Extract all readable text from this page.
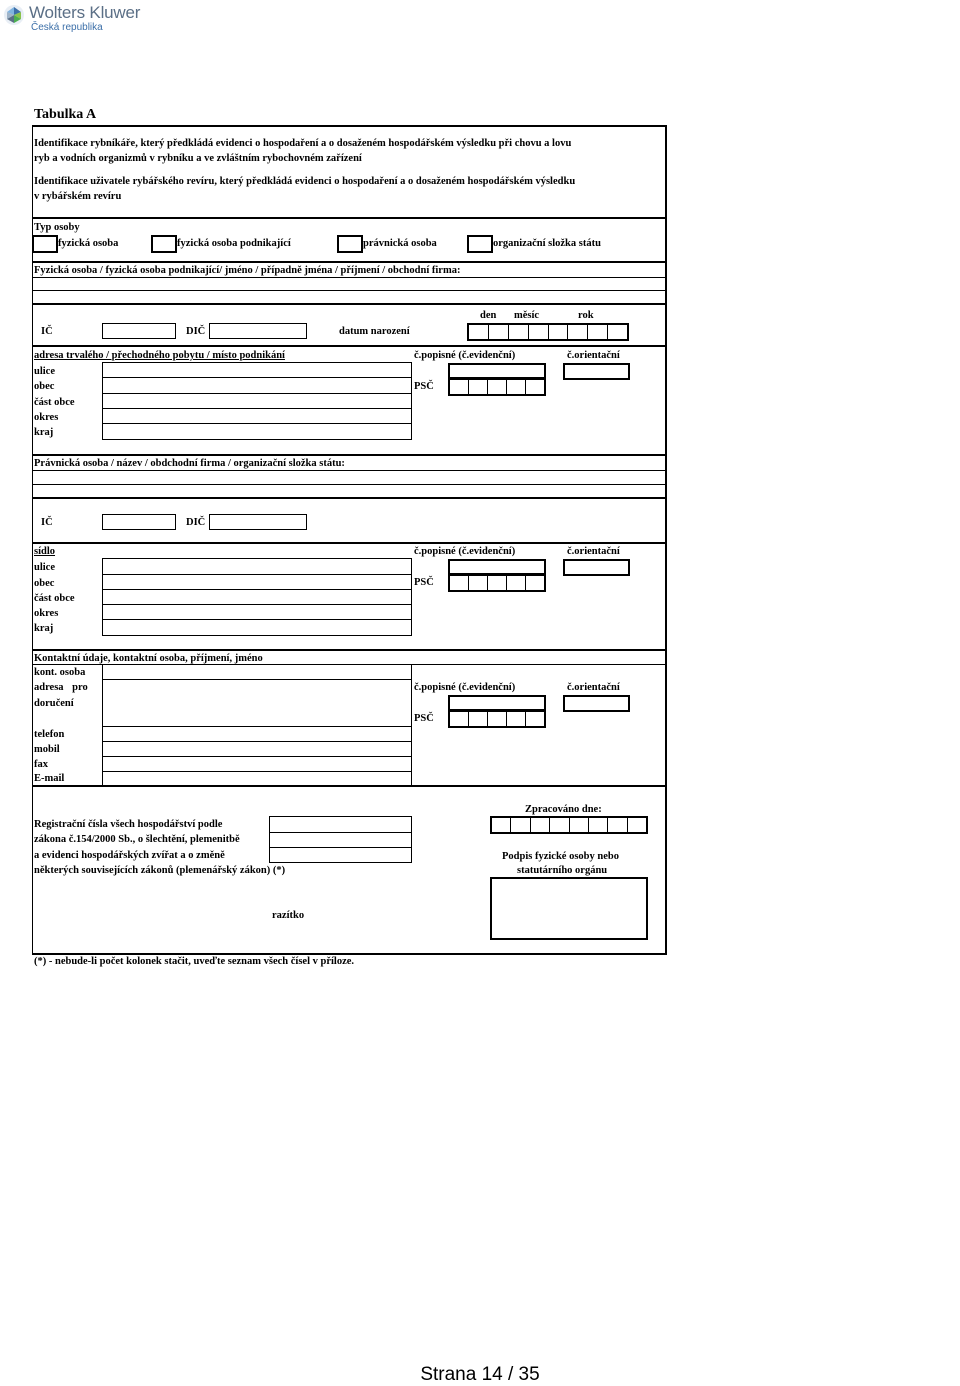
Wolters Kluwer
Česká republika
Tabulka A
Identifikace rybníkáře, který předkládá evidenci o hospodaření a o dosaženém hospodářském výsledku při chovu a lovu
ryb a vodních organizmů v rybníku a ve zvláštním rybochovném zařízení
Identifikace uživatele rybářského revíru, který předkládá evidenci o hospodaření a o dosaženém hospodářském výsledku
v rybářském revíru
Typ osoby
fyzická osoba	fyzická osoba podnikající	právnická osoba	organizační složka státu
Fyzická osoba / fyzická osoba podnikající/ jméno / případně jména / příjmení / obchodní firma:
den měsíc	rok
IČ	DIČ	datum narození
adresa trvalého / přechodného pobytu / místo podnikání	č.popisné (č.evidenční)	č.orientační
ulice
obec
část obce
okres
kraj
PSČ
Právnická osoba / název / obdchodní firma / organizační složka státu:
IČ	DIČ
sídlo	č.popisné (č.evidenční)	č.orientační
ulice
obec
část obce
okres
kraj
PSČ
Kontaktní údaje, kontaktní osoba, příjmení, jméno
kont. osoba
adresa pro
doručení
č.popisné (č.evidenční)	č.orientační
PSČ
telefon
mobil
fax
E-mail
Registrační čísla všech hospodářství podle
zákona č.154/2000 Sb., o šlechtění, plemenitbě
a evidenci hospodářských zvířat a o změně
některých souvisejících zákonů (plemenářský zákon) (*)
Zpracováno dne:
Podpis fyzické osoby nebo
statutárního orgánu
razítko
(*) - nebude-li počet kolonek stačit, uveďte seznam všech čísel v příloze.
Strana 14 / 35
